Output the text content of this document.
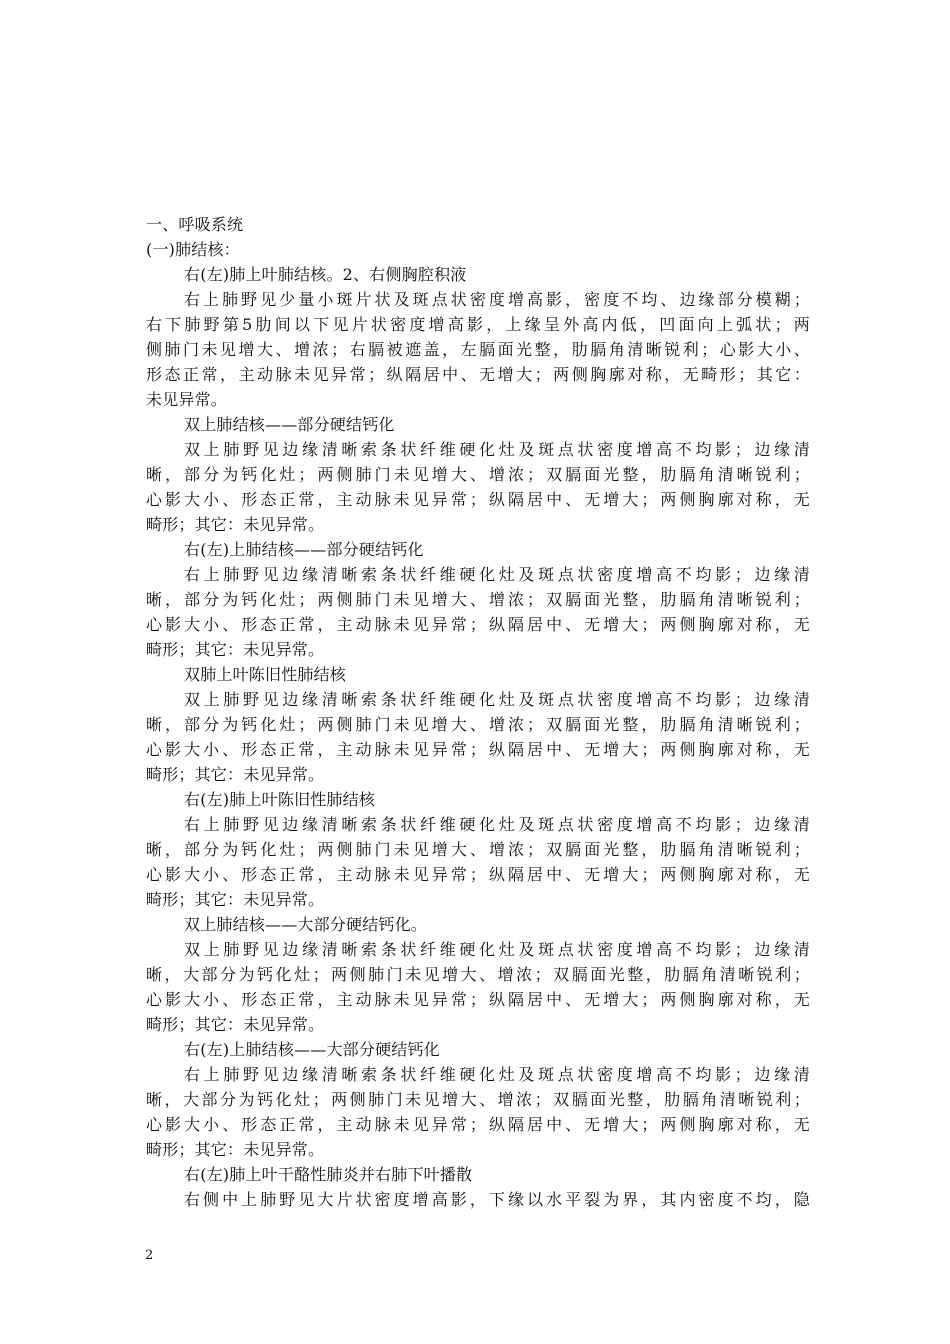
一、呼吸系统
(一)肺结核：
右(左)肺上叶肺结核。2、右侧胸腔积液
右上肺野见少量小斑片状及斑点状密度增高影，密度不均、边缘部分模糊；
右下肺野第5肋间以下见片状密度增高影，上缘呈外高内低，凹面向上弧状；两
侧肺门未见增大、增浓；右膈被遮盖，左膈面光整，肋膈角清晰锐利；心影大小、
形态正常，主动脉未见异常；纵隔居中、无增大；两侧胸廓对称，无畸形；其它：
未见异常。
双上肺结核——部分硬结钙化
双上肺野见边缘清晰索条状纤维硬化灶及斑点状密度增高不均影；边缘清
晰，部分为钙化灶；两侧肺门未见增大、增浓；双膈面光整，肋膈角清晰锐利；
心影大小、形态正常，主动脉未见异常；纵隔居中、无增大；两侧胸廓对称，无
畸形；其它：未见异常。
右(左)上肺结核——部分硬结钙化
右上肺野见边缘清晰索条状纤维硬化灶及斑点状密度增高不均影；边缘清
晰，部分为钙化灶；两侧肺门未见增大、增浓；双膈面光整，肋膈角清晰锐利；
心影大小、形态正常，主动脉未见异常；纵隔居中、无增大；两侧胸廓对称，无
畸形；其它：未见异常。
双肺上叶陈旧性肺结核
双上肺野见边缘清晰索条状纤维硬化灶及斑点状密度增高不均影；边缘清
晰，部分为钙化灶；两侧肺门未见增大、增浓；双膈面光整，肋膈角清晰锐利；
心影大小、形态正常，主动脉未见异常；纵隔居中、无增大；两侧胸廓对称，无
畸形；其它：未见异常。
右(左)肺上叶陈旧性肺结核
右上肺野见边缘清晰索条状纤维硬化灶及斑点状密度增高不均影；边缘清
晰，部分为钙化灶；两侧肺门未见增大、增浓；双膈面光整，肋膈角清晰锐利；
心影大小、形态正常，主动脉未见异常；纵隔居中、无增大；两侧胸廓对称，无
畸形；其它：未见异常。
双上肺结核——大部分硬结钙化。
双上肺野见边缘清晰索条状纤维硬化灶及斑点状密度增高不均影；边缘清
晰，大部分为钙化灶；两侧肺门未见增大、增浓；双膈面光整，肋膈角清晰锐利；
心影大小、形态正常，主动脉未见异常；纵隔居中、无增大；两侧胸廓对称，无
畸形；其它：未见异常。
右(左)上肺结核——大部分硬结钙化
右上肺野见边缘清晰索条状纤维硬化灶及斑点状密度增高不均影；边缘清
晰，大部分为钙化灶；两侧肺门未见增大、增浓；双膈面光整，肋膈角清晰锐利；
心影大小、形态正常，主动脉未见异常；纵隔居中、无增大；两侧胸廓对称，无
畸形；其它：未见异常。
右(左)肺上叶干酪性肺炎并右肺下叶播散
右侧中上肺野见大片状密度增高影，下缘以水平裂为界，其内密度不均，隐
2
